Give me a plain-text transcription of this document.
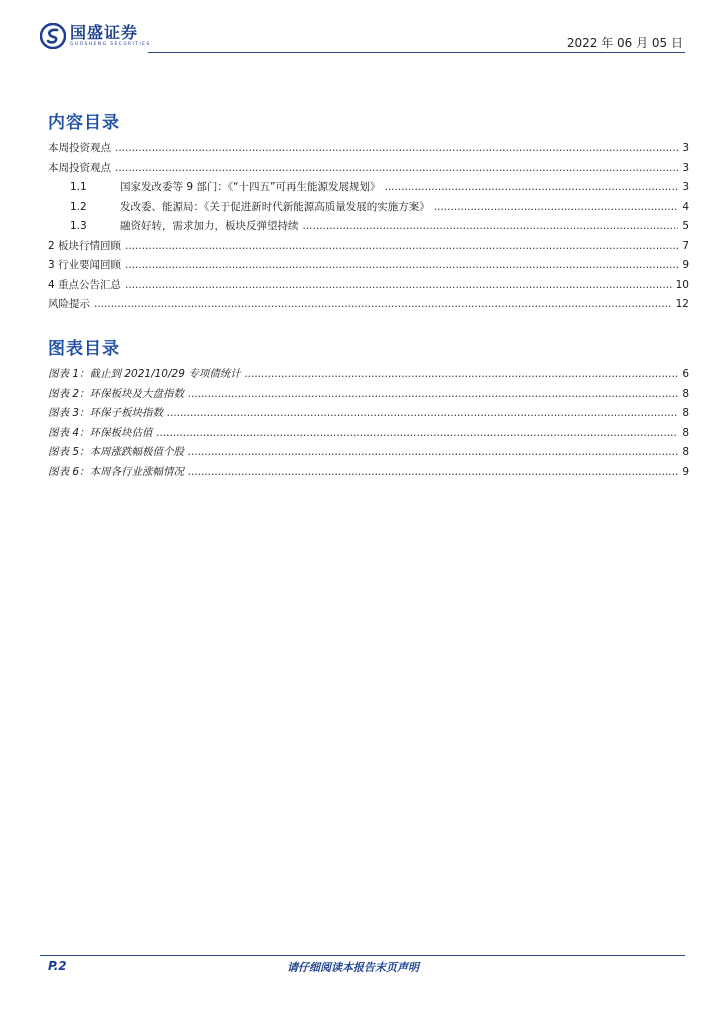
国盛证券
GUOSHENG SECURITIES	2022 年 06 月 05 日
内容目录
本周投资观点 .....	3
本周投资观点 .....	3
1.1	国家发改委等 9 部门：《“十四五”可再生能源发展规划》 .....	3
1.2	发改委、能源局：《关于促进新时代新能源高质量发展的实施方案》 .....	4
1.3	融资好转，需求加力，板块反弹望持续 .....	5
2 板块行情回顾 .....	7
3 行业要闻回顾 .....	9
4 重点公告汇总 .....	10
风险提示 .....	12
图表目录
图表 1：截止到 2021/10/29 专项债统计 .....	6
图表 2：环保板块及大盘指数 .....	8
图表 3：环保子板块指数 .....	8
图表 4：环保板块估值 .....	8
图表 5：本周涨跌幅极值个股 .....	8
图表 6：本周各行业涨幅情况 .....	9
P.2	请仔细阅读本报告末页声明
